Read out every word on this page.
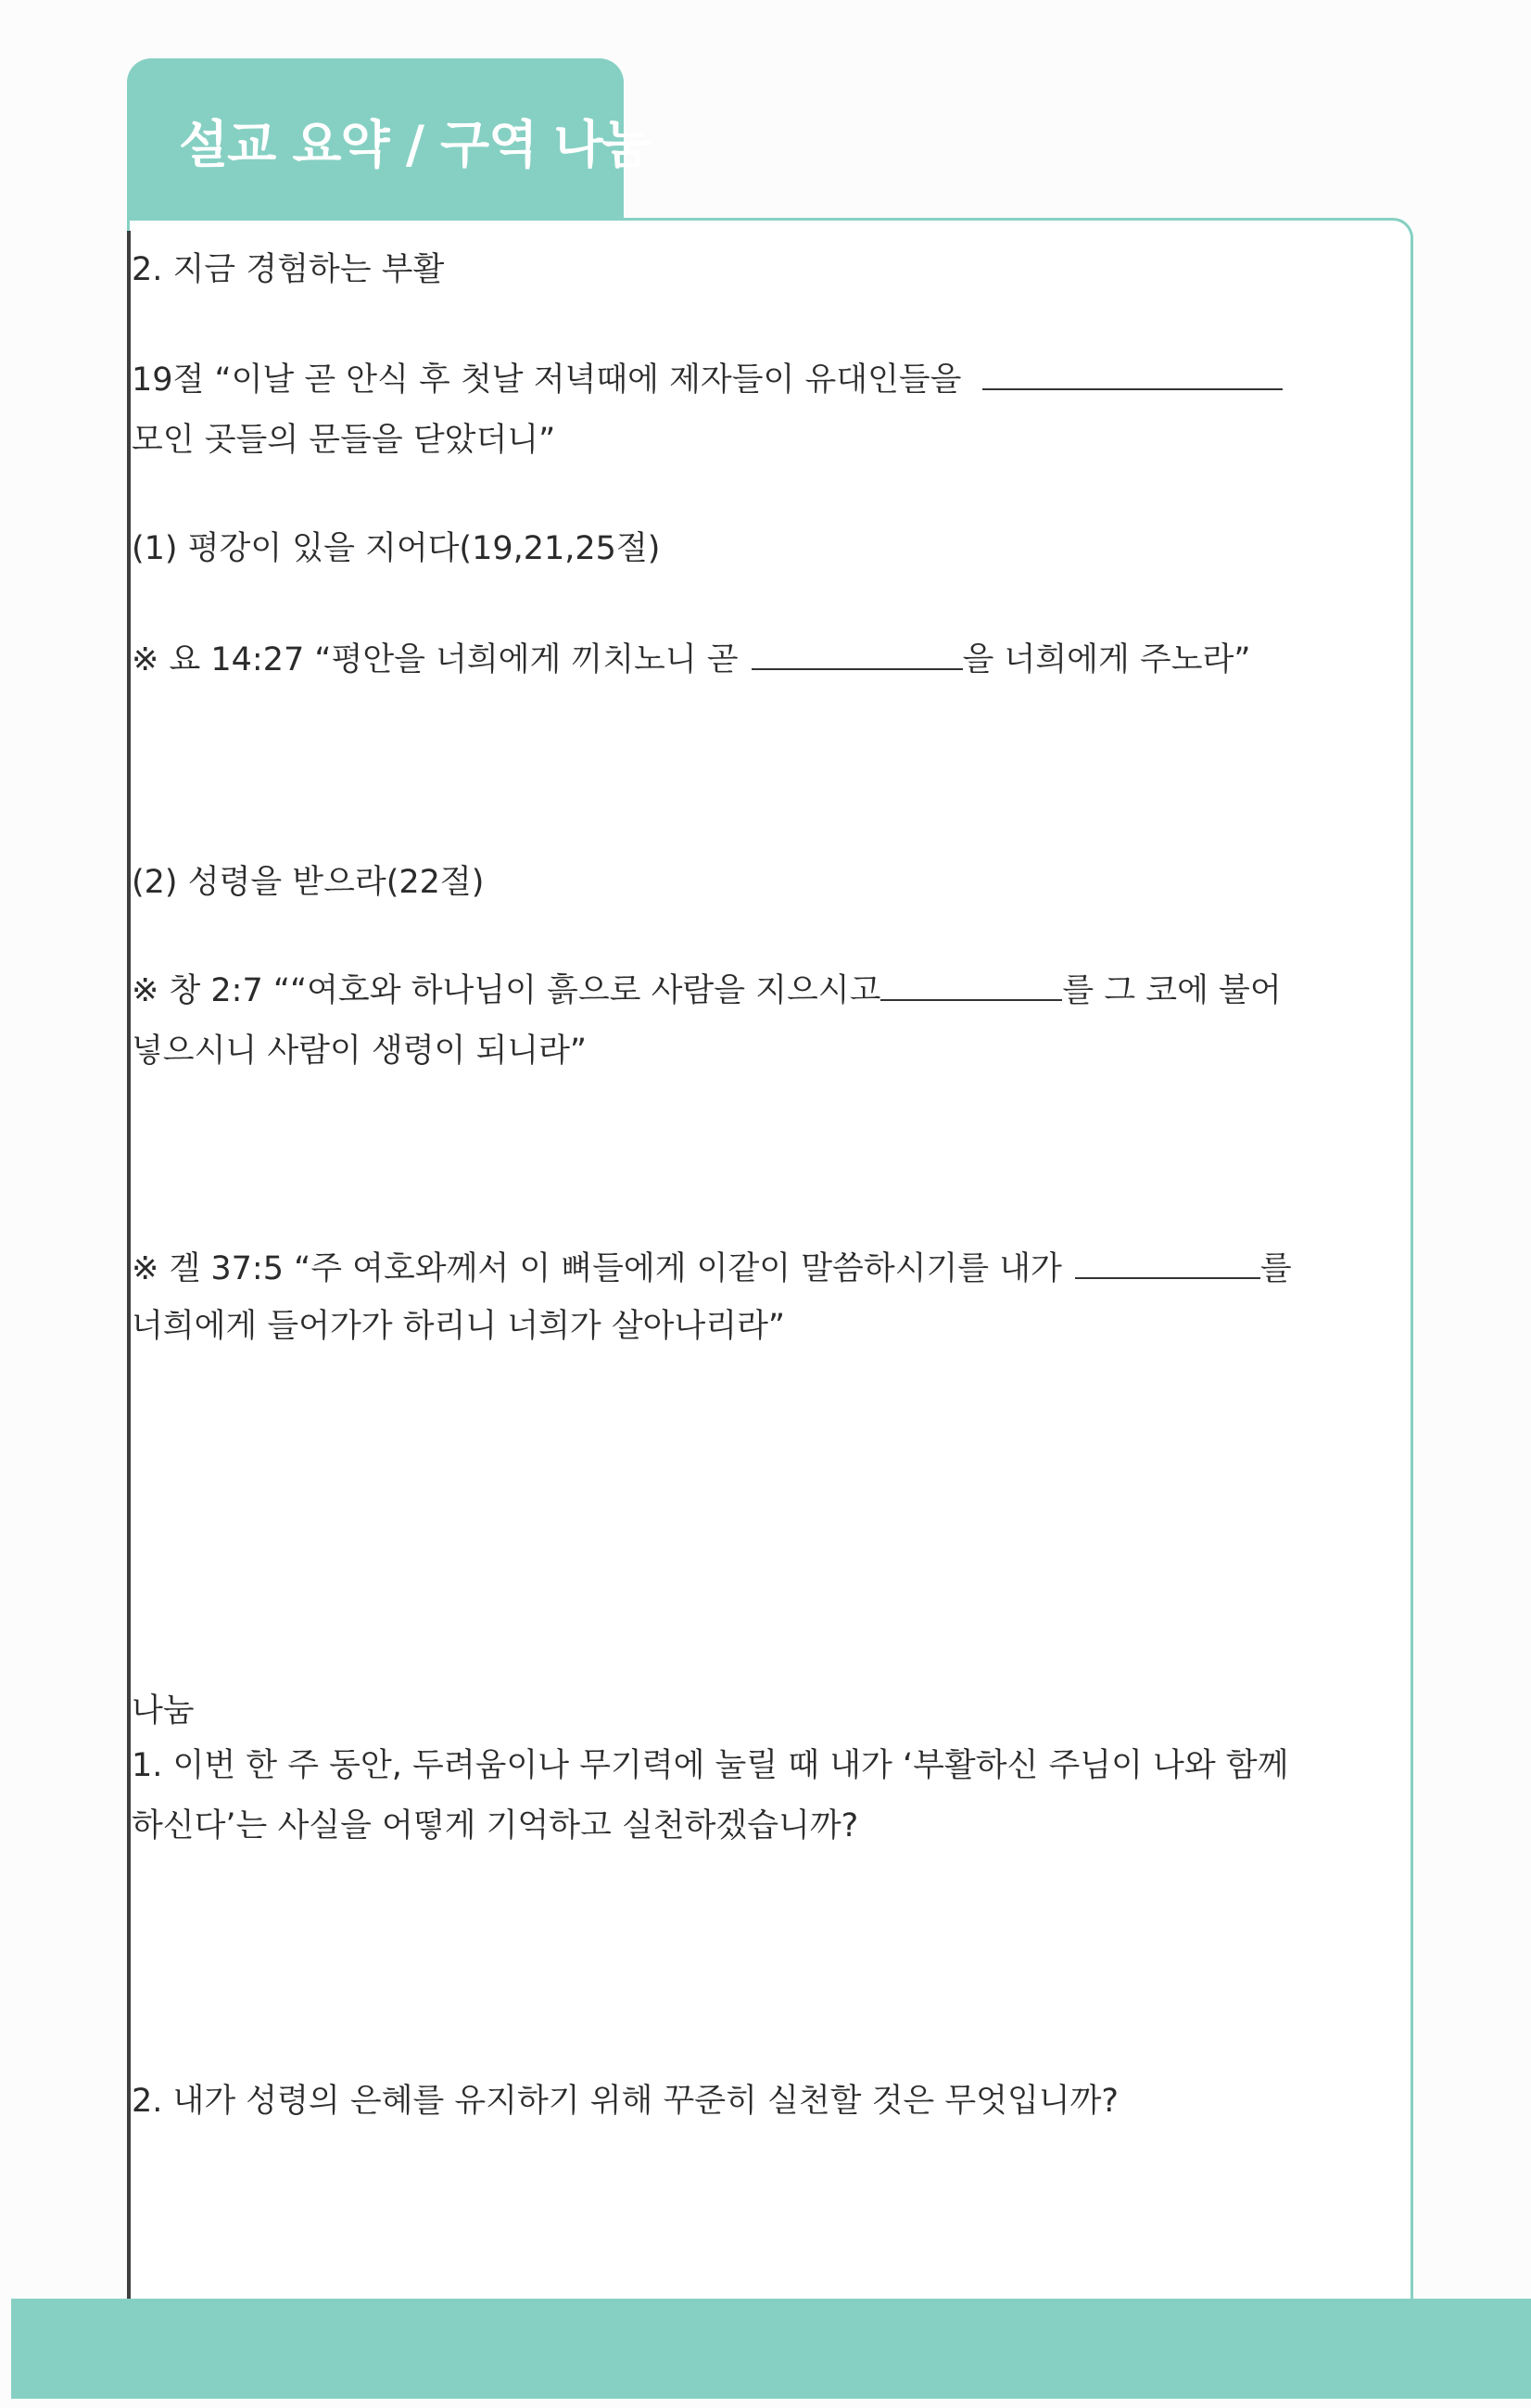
설교 요약 / 구역 나눔
2. 지금 경험하는 부활
19절 “이날 곧 안식 후 첫날 저녁때에 제자들이 유대인들을
모인 곳들의 문들을 닫았더니”
(1) 평강이 있을 지어다(19,21,25절)
※ 요 14:27 “평안을 너희에게 끼치노니 곧	을 너희에게 주노라”
(2) 성령을 받으라(22절)
※ 창 2:7 ““여호와 하나님이 흙으로 사람을 지으시고	를 그 코에 불어
넣으시니 사람이 생령이 되니라”
※ 겔 37:5 “주 여호와께서 이 뼈들에게 이같이 말씀하시기를 내가	를
너희에게 들어가가 하리니 너희가 살아나리라”
나눔
1. 이번 한 주 동안, 두려움이나 무기력에 눌릴 때 내가 ‘부활하신 주님이 나와 함께
하신다’는 사실을 어떻게 기억하고 실천하겠습니까?
2. 내가 성령의 은혜를 유지하기 위해 꾸준히 실천할 것은 무엇입니까?
